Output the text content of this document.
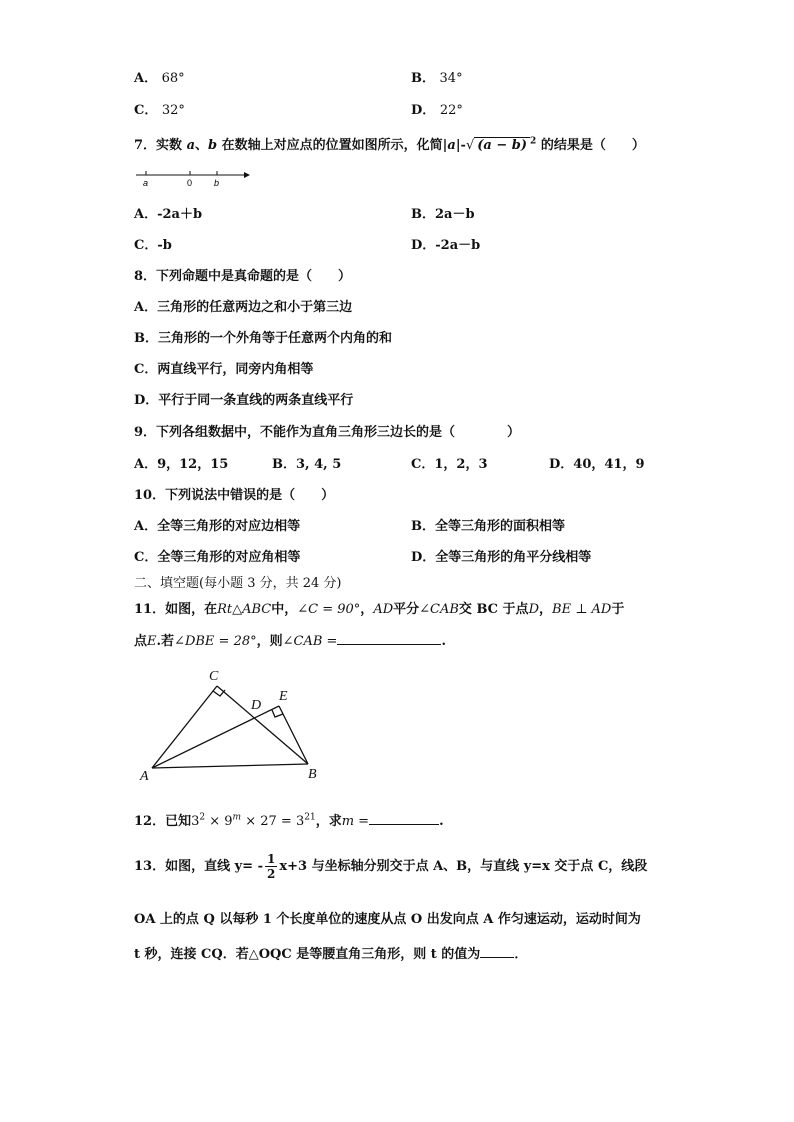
A． 68°	B． 34°
C． 32°	D． 22°
7．实数 a、b 在数轴上对应点的位置如图所示，化简|a|-√ (a − b) $^2$ 的结果是（　　）
a	0 b
A．-2a＋b	B．2a－b
C．-b	D．-2a－b
8．下列命题中是真命题的是（　　）
A．三角形的任意两边之和小于第三边
B．三角形的一个外角等于任意两个内角的和
C．两直线平行，同旁内角相等
D．平行于同一条直线的两条直线平行
9．下列各组数据中，不能作为直角三角形三边长的是（　　　　）
A．9，12，15	B．3, 4, 5	C．1，2，3	D．40，41，9
10．下列说法中错误的是（　　）
A．全等三角形的对应边相等	B．全等三角形的面积相等
C．全等三角形的对应角相等	D．全等三角形的角平分线相等
二、填空题(每小题 3 分，共 24 分)
11．如图，在Rt△ABC中，∠C = 90°，AD平分∠CAB交 BC 于点D，BE ⊥ AD于
点E.若∠DBE = 28°，则∠CAB =	.
C
D
E
A	B
12．已知$3^2 \times 9^m \times 27 = 3^{21}$，求m =	.
13．如图，直线 $y= - \frac{1}{2} x+3$ 与坐标轴分别交于点 A、B，与直线 y=x 交于点 C，线段
OA 上的点 Q 以每秒 1 个长度单位的速度从点 O 出发向点 A 作匀速运动，运动时间为
t 秒，连接 CQ．若△OQC 是等腰直角三角形，则 t 的值为	．
